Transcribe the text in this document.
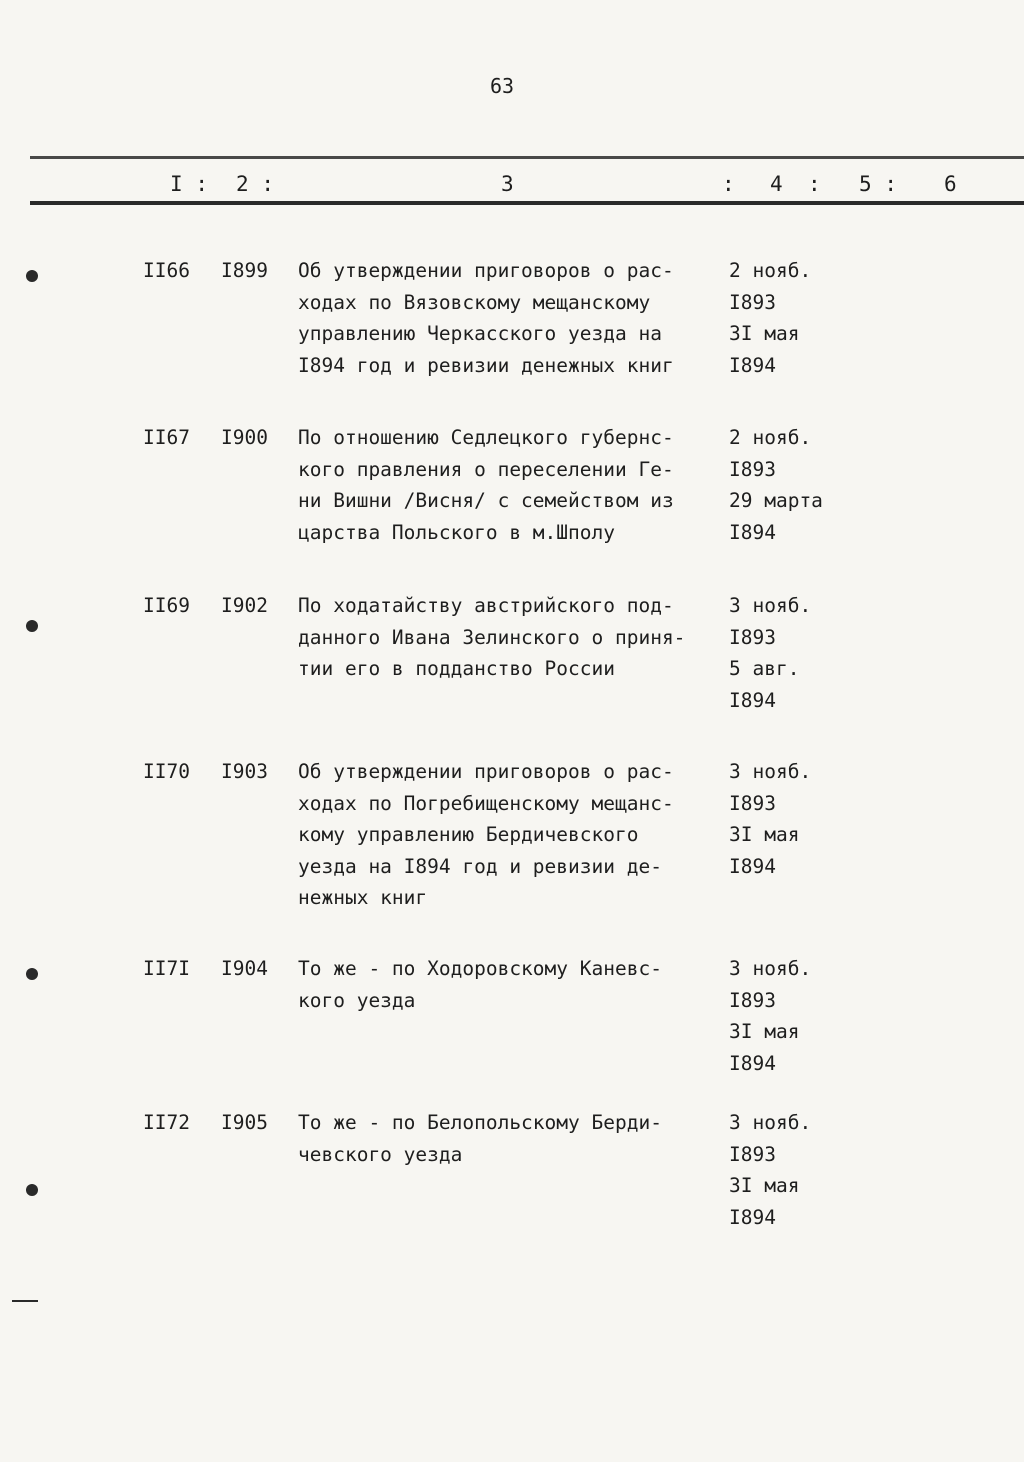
63
I : 2 :	3	: 4 : 5 : 6
II66 I899 Об утверждении приговоров о рас-
ходах по Вязовскому мещанскому
управлению Черкасского уезда на
I894 год и ревизии денежных книг
2 нояб.
I893
3I мая
I894
II67 I900 По отношению Седлецкого губернс-
кого правления о переселении Ге-
ни Вишни /Висня/ с семейством из
царства Польского в м.Шполу
2 нояб.
I893
29 марта
I894
II69 I902 По ходатайству австрийского под-
данного Ивана Зелинского о приня-
тии его в подданство России
3 нояб.
I893
5 авг.
I894
II70 I903 Об утверждении приговоров о рас-
ходах по Погребищенскому мещанс-
кому управлению Бердичевского
уезда на I894 год и ревизии де-
нежных книг
3 нояб.
I893
3I мая
I894
II7I I904 То же - по Ходоровскому Каневс-
кого уезда
3 нояб.
I893
3I мая
I894
II72 I905 То же - по Белопольскому Берди-
чевского уезда
3 нояб.
I893
3I мая
I894
